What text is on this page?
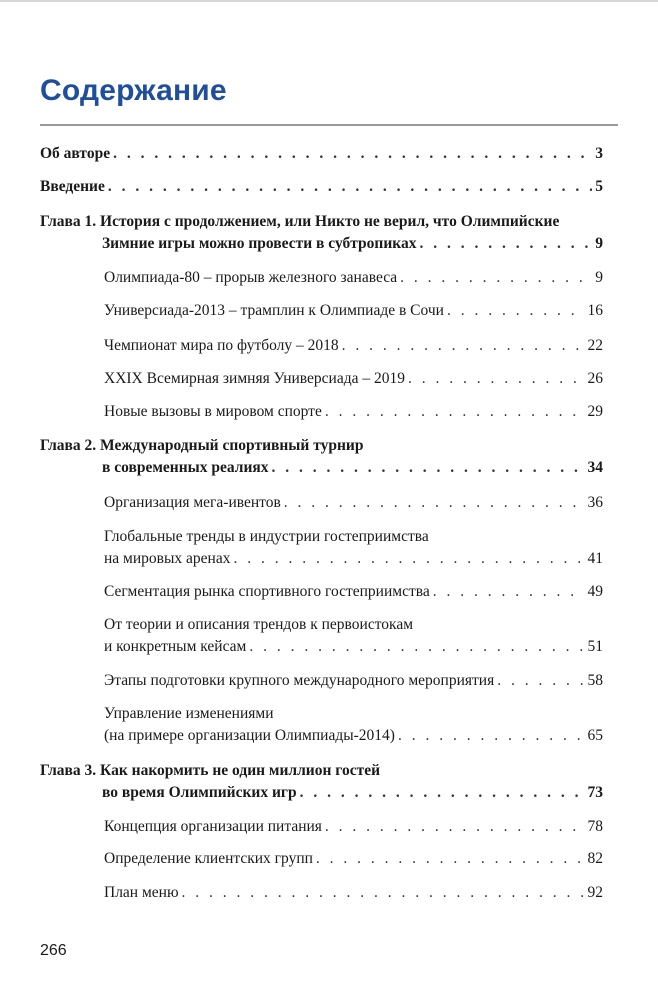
Содержание
Об авторе . . .	3
Введение . . .	5
Глава 1. История с продолжением, или Никто не верил, что Олимпийские
Зимние игры можно провести в субтропиках . . .	9
Олимпиада-80 – прорыв железного занавеса . . .	9
Универсиада-2013 – трамплин к Олимпиаде в Сочи . . .	16
Чемпионат мира по футболу – 2018 . . .	22
XXIX Всемирная зимняя Универсиада – 2019 . . .	26
Новые вызовы в мировом спорте . . .	29
Глава 2. Международный спортивный турнир
в современных реалиях . . .	34
Организация мега-ивентов . . .	36
Глобальные тренды в индустрии гостеприимства
на мировых аренах . . .	41
Сегментация рынка спортивного гостеприимства . . .	49
От теории и описания трендов к первоистокам
и конкретным кейсам . . .	51
Этапы подготовки крупного международного мероприятия . . .	58
Управление изменениями
(на примере организации Олимпиады-2014) . . .	65
Глава 3. Как накормить не один миллион гостей
во время Олимпийских игр . . .	73
Концепция организации питания . . .	78
Определение клиентских групп . . .	82
План меню . . .	92
266
